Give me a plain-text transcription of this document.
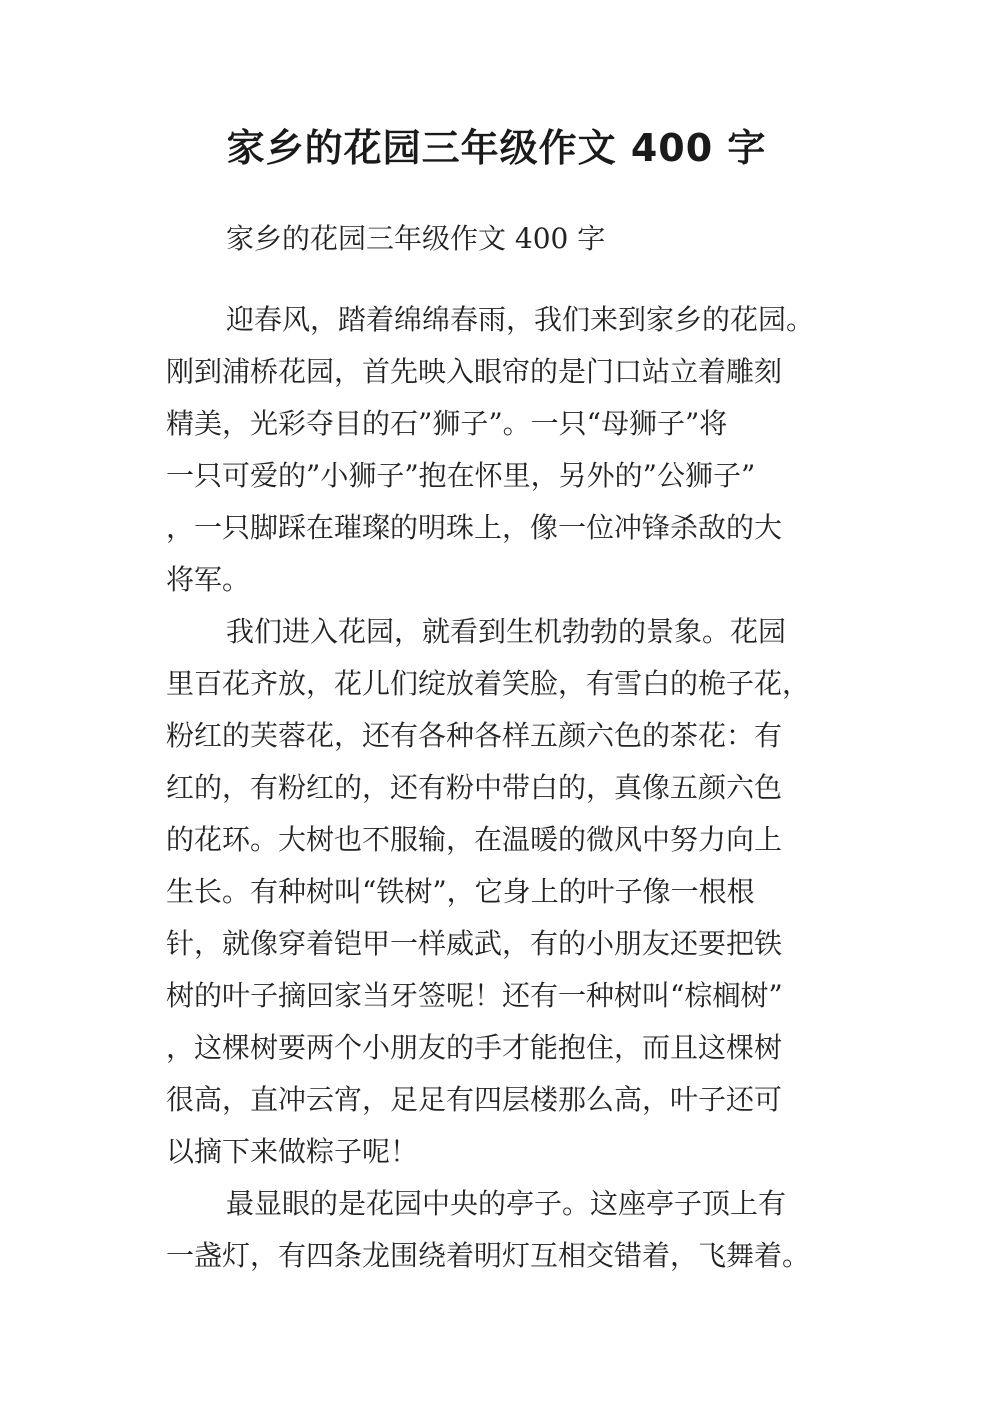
家乡的花园三年级作文 400 字
家乡的花园三年级作文 400 字
迎春风，踏着绵绵春雨，我们来到家乡的花园。
刚到浦桥花园，首先映入眼帘的是门口站立着雕刻
精美，光彩夺目的石”狮子”。一只“母狮子”将
一只可爱的”小狮子”抱在怀里，另外的”公狮子”
，一只脚踩在璀璨的明珠上，像一位冲锋杀敌的大
将军。
我们进入花园，就看到生机勃勃的景象。花园
里百花齐放，花儿们绽放着笑脸，有雪白的桅子花，
粉红的芙蓉花，还有各种各样五颜六色的茶花：有
红的，有粉红的，还有粉中带白的，真像五颜六色
的花环。大树也不服输，在温暖的微风中努力向上
生长。有种树叫“铁树”，它身上的叶子像一根根
针，就像穿着铠甲一样威武，有的小朋友还要把铁
树的叶子摘回家当牙签呢！还有一种树叫“棕榈树”
，这棵树要两个小朋友的手才能抱住，而且这棵树
很高，直冲云宵，足足有四层楼那么高，叶子还可
以摘下来做粽子呢！
最显眼的是花园中央的亭子。这座亭子顶上有
一盏灯，有四条龙围绕着明灯互相交错着，飞舞着。
